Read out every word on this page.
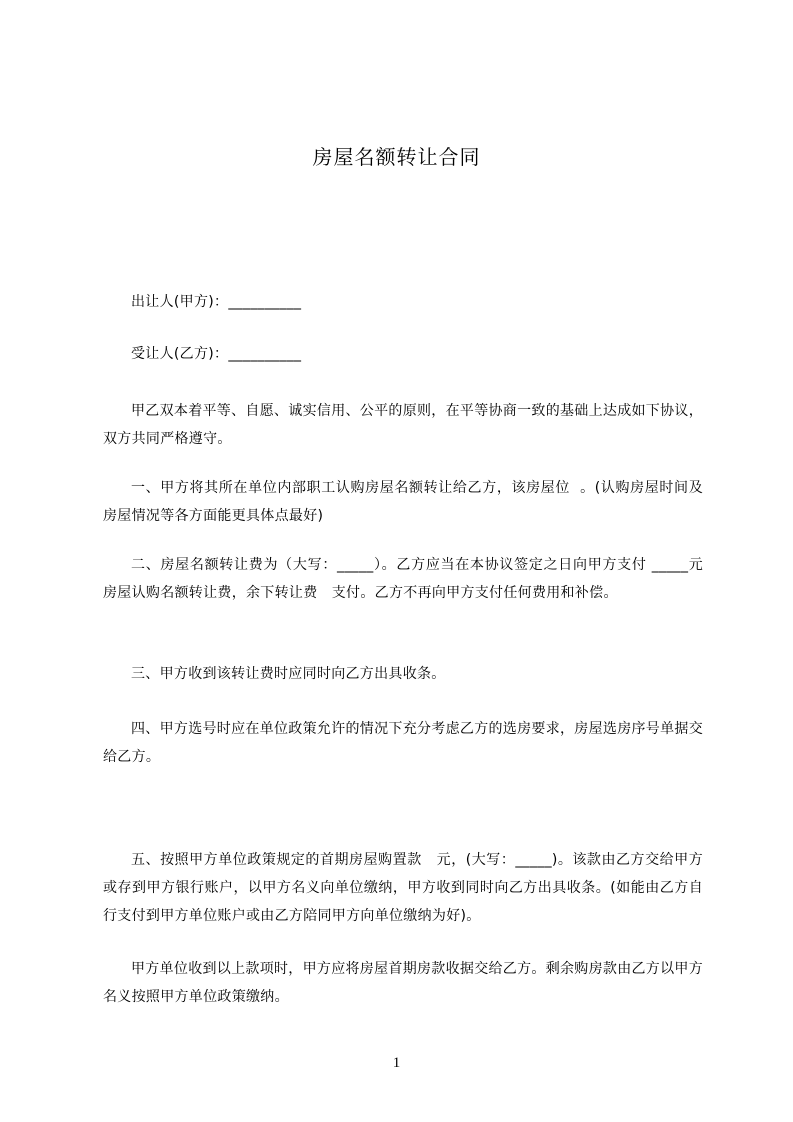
房屋名额转让合同

出让人(甲方)：__________

受让人(乙方)：__________

甲乙双本着平等、自愿、诚实信用、公平的原则，在平等协商一致的基础上达成如下协议，双方共同严格遵守。

一、甲方将其所在单位内部职工认购房屋名额转让给乙方，该房屋位  。(认购房屋时间及房屋情况等各方面能更具体点最好)

二、房屋名额转让费为（大写：_____）。乙方应当在本协议签定之日向甲方支付 _____元 房屋认购名额转让费，余下转让费   支付。乙方不再向甲方支付任何费用和补偿。

三、甲方收到该转让费时应同时向乙方出具收条。

四、甲方选号时应在单位政策允许的情况下充分考虑乙方的选房要求，房屋选房序号单据交给乙方。

五、按照甲方单位政策规定的首期房屋购置款   元，(大写：_____)。该款由乙方交给甲方或存到甲方银行账户，以甲方名义向单位缴纳，甲方收到同时向乙方出具收条。(如能由乙方自行支付到甲方单位账户或由乙方陪同甲方向单位缴纳为好)。

甲方单位收到以上款项时，甲方应将房屋首期房款收据交给乙方。剩余购房款由乙方以甲方名义按照甲方单位政策缴纳。

1
